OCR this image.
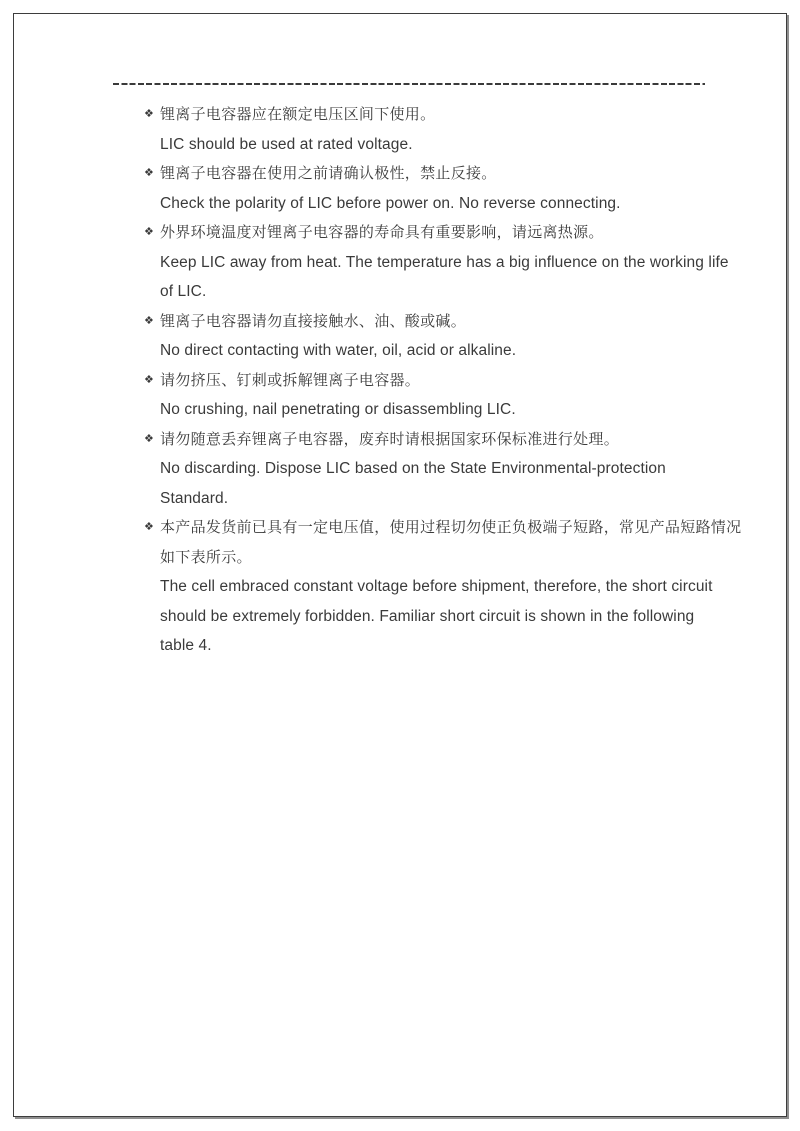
❖ 锂离子电容器应在额定电压区间下使用。
LIC should be used at rated voltage.
❖ 锂离子电容器在使用之前请确认极性，禁止反接。
Check the polarity of LIC before power on. No reverse connecting.
❖ 外界环境温度对锂离子电容器的寿命具有重要影响，请远离热源。
Keep LIC away from heat. The temperature has a big influence on the working life
of LIC.
❖ 锂离子电容器请勿直接接触水、油、酸或碱。
No direct contacting with water, oil, acid or alkaline.
❖ 请勿挤压、钉刺或拆解锂离子电容器。
No crushing, nail penetrating or disassembling LIC.
❖ 请勿随意丢弃锂离子电容器，废弃时请根据国家环保标准进行处理。
No discarding. Dispose LIC based on the State Environmental-protection
Standard.
❖ 本产品发货前已具有一定电压值，使用过程切勿使正负极端子短路，常见产品短路情况
如下表所示。
The cell embraced constant voltage before shipment, therefore, the short circuit
should be extremely forbidden. Familiar short circuit is shown in the following
table 4.
